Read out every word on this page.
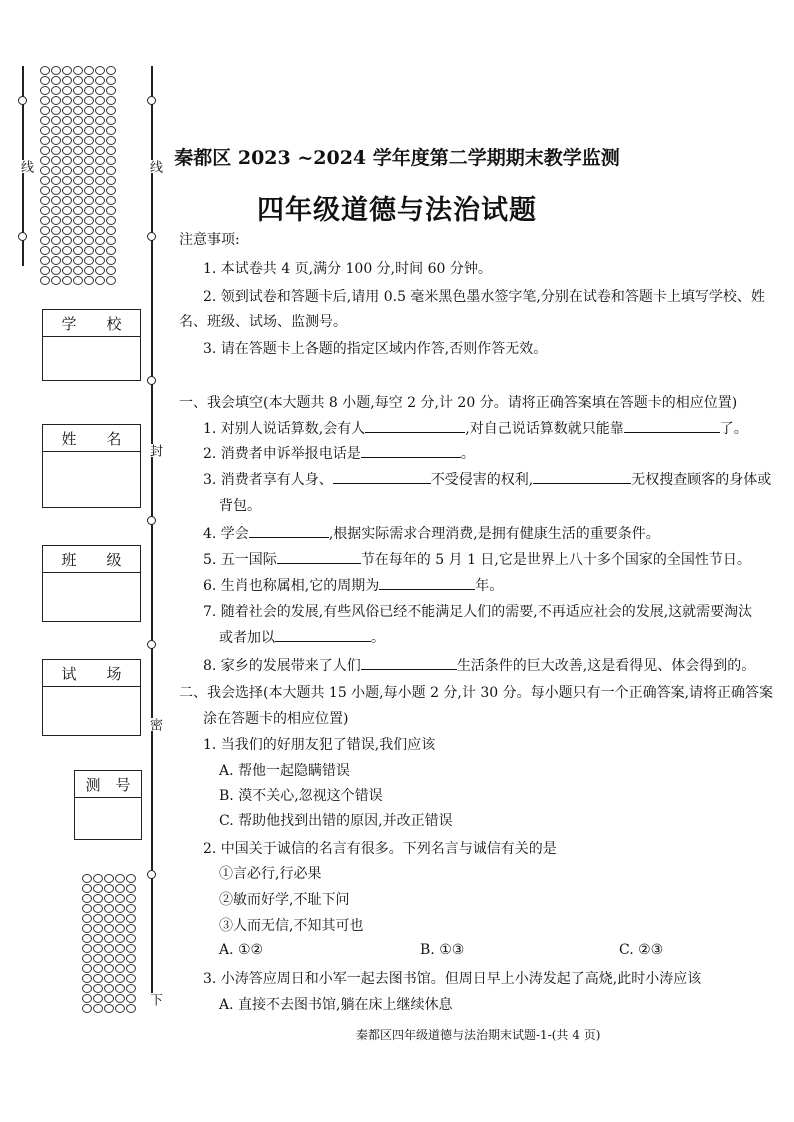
线	线
封
密
下
学　　校
姓　　名
班　　级
试　　场
测　号
秦都区 2023 ~2024 学年度第二学期期末教学监测
四年级道德与法治试题
注意事项:
1. 本试卷共 4 页,满分 100 分,时间 60 分钟。
2. 领到试卷和答题卡后,请用 0.5 毫米黑色墨水签字笔,分别在试卷和答题卡上填写学校、姓
名、班级、试场、监测号。
3. 请在答题卡上各题的指定区域内作答,否则作答无效。
一、我会填空(本大题共 8 小题,每空 2 分,计 20 分。请将正确答案填在答题卡的相应位置)
1. 对别人说话算数,会有人	,对自己说话算数就只能靠	了。
2. 消费者申诉举报电话是	。
3. 消费者享有人身、	不受侵害的权利,	无权搜查顾客的身体或
背包。
4. 学会	,根据实际需求合理消费,是拥有健康生活的重要条件。
5. 五一国际	节在每年的 5 月 1 日,它是世界上八十多个国家的全国性节日。
6. 生肖也称属相,它的周期为	年。
7. 随着社会的发展,有些风俗已经不能满足人们的需要,不再适应社会的发展,这就需要淘汰
或者加以	。
8. 家乡的发展带来了人们	生活条件的巨大改善,这是看得见、体会得到的。
二、我会选择(本大题共 15 小题,每小题 2 分,计 30 分。每小题只有一个正确答案,请将正确答案
涂在答题卡的相应位置)
1. 当我们的好朋友犯了错误,我们应该
A. 帮他一起隐瞒错误
B. 漠不关心,忽视这个错误
C. 帮助他找到出错的原因,并改正错误
2. 中国关于诚信的名言有很多。下列名言与诚信有关的是
①言必行,行必果
②敏而好学,不耻下问
③人而无信,不知其可也
A. ①②	B. ①③	C. ②③
3. 小涛答应周日和小军一起去图书馆。但周日早上小涛发起了高烧,此时小涛应该
A. 直接不去图书馆,躺在床上继续休息
秦都区四年级道德与法治期末试题-1-(共 4 页)
